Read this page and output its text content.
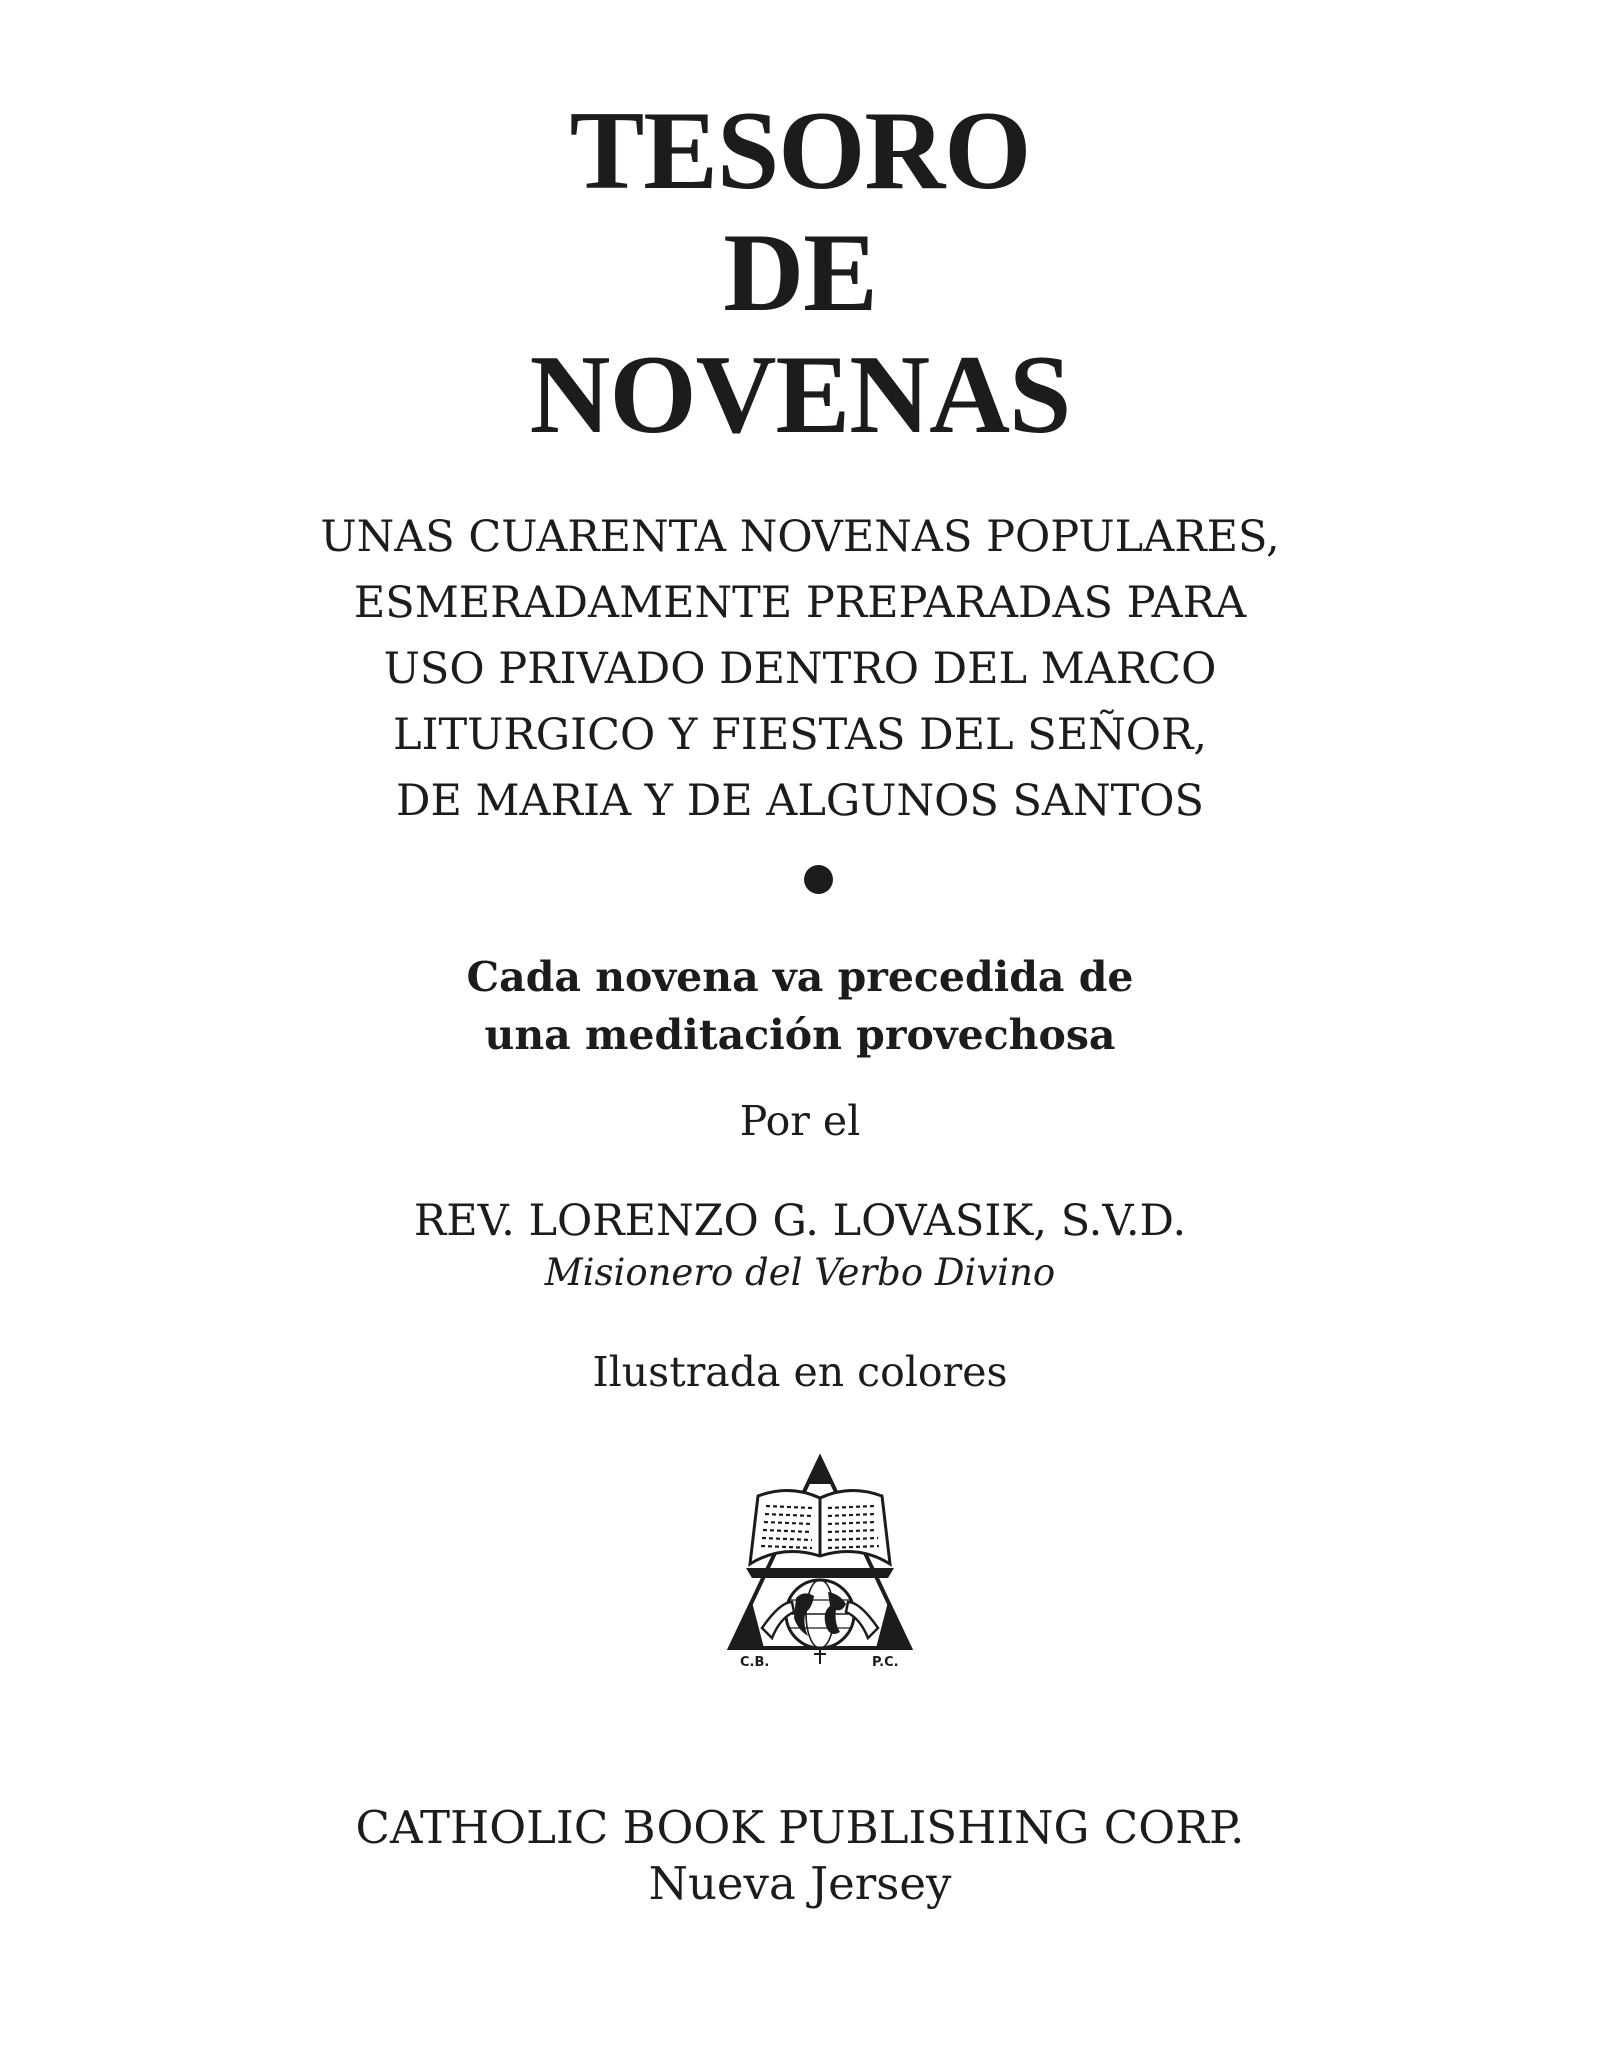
TESORO
DE
NOVENAS
UNAS CUARENTA NOVENAS POPULARES,
ESMERADAMENTE PREPARADAS PARA
USO PRIVADO DENTRO DEL MARCO
LITURGICO Y FIESTAS DEL SEÑOR,
DE MARIA Y DE ALGUNOS SANTOS
Cada novena va precedida de
una meditación provechosa
Por el
REV. LORENZO G. LOVASIK, S.V.D.
Misionero del Verbo Divino
Ilustrada en colores
C.B.	P.C.
CATHOLIC BOOK PUBLISHING CORP.
Nueva Jersey
